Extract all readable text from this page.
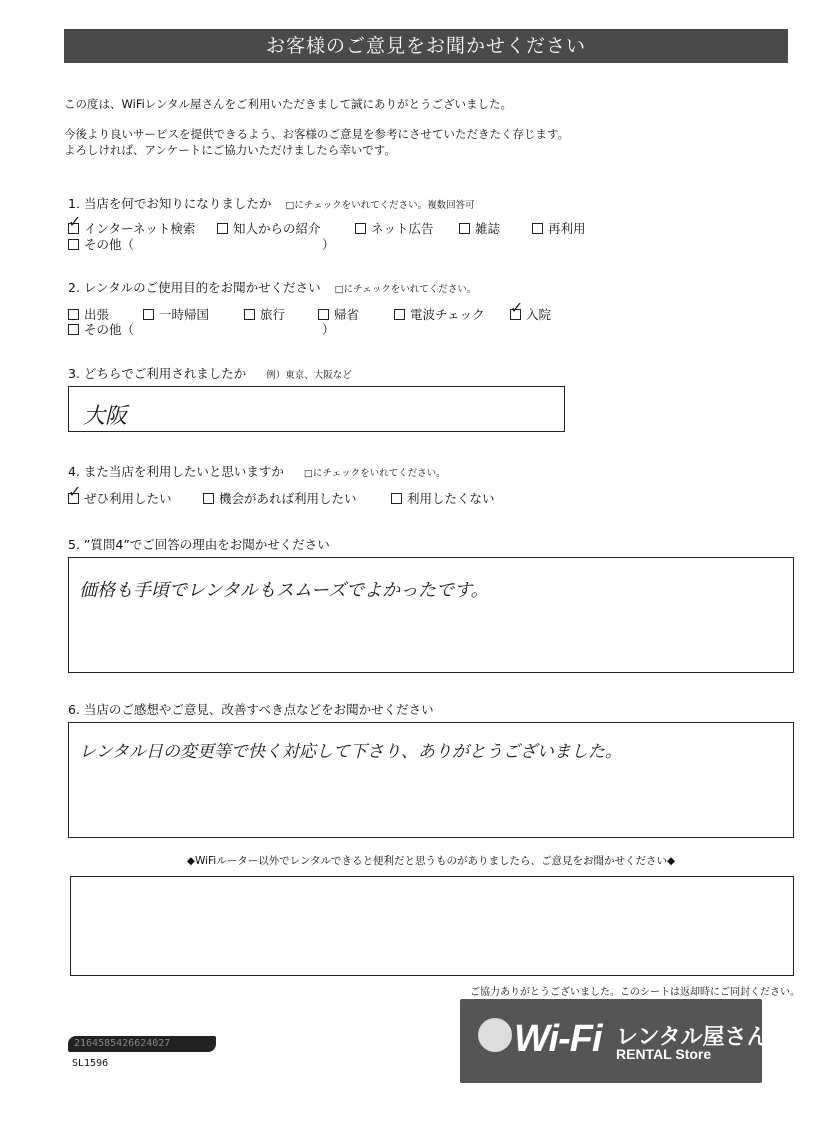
お客様のご意見をお聞かせください
この度は、WiFiレンタル屋さんをご利用いただきまして誠にありがとうございました。
今後より良いサービスを提供できるよう、お客様のご意見を参考にさせていただきたく存じます。
よろしければ、アンケートにご協力いただけましたら幸いです。
1. 当店を何でお知りになりましたか □にチェックをいれてください。複数回答可
✓インターネット検索	知人からの紹介	ネット広告	雑誌	再利用
その他（	）
2. レンタルのご使用目的をお聞かせください □にチェックをいれてください。
出張	一時帰国	旅行	帰省	電波チェック
✓	入院
その他（	）
3. どちらでご利用されましたか 例）東京、大阪など
大阪
4. また当店を利用したいと思いますか □にチェックをいれてください。
✓ぜひ利用したい	機会があれば利用したい	利用したくない
5. ”質問4”でご回答の理由をお聞かせください
価格も手頃でレンタルもスムーズでよかったです。
6. 当店のご感想やご意見、改善すべき点などをお聞かせください
レンタル日の変更等で快く対応して下さり、ありがとうございました。
◆WiFiルーター以外でレンタルできると便利だと思うものがありましたら、ご意見をお聞かせください◆
ご協力ありがとうございました。このシートは返却時にご同封ください。
2164585426624027
SL1596
Wi-Fi レンタル屋さん
RENTAL Store
